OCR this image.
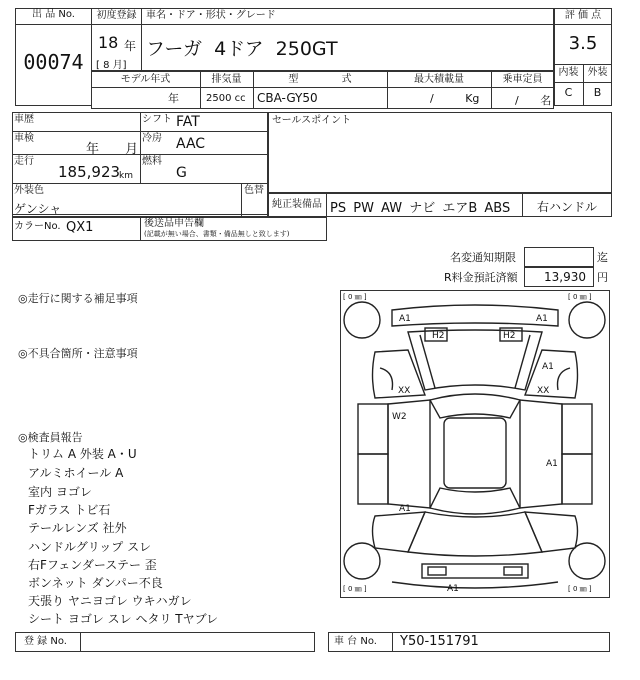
出 品 No.
00074
初度登録 車名・ドア・形状・グレード
18 年
[ 8 月]
フーガ 4ドア 250GT
評 価 点
3.5
内装 外装
C	B
モデル年式	排気量	型 式	最大積載量	乗車定員
年	2500 cc CBA-GY50	/ Kg	/ 名
車歴	シフト FAT
車検
年 月
冷房 AAC
走行
185,923
km
燃料
G
セールスポイント
外装色
ゲンシャ
色替
純正装備品 PS PW AW ナビ エアB ABS	右ハンドル
カラーNo. QX1	後送品申告欄
(記載が無い場合、書類・備品無しと致します)
名変通知期限	迄
R料金預託済額 13,930 円
◎走行に関する補足事項
◎不具合箇所・注意事項
◎検査員報告
トリム A 外装 A・U
アルミホイール A
室内 ヨゴレ
Fガラス トビ石
テールレンズ 社外
ハンドルグリップ スレ
右Fフェンダーステー 歪
ボンネット ダンパー不良
天張り ヤニヨゴレ ウキハガレ
シート ヨゴレ スレ ヘタリ Tヤブレ
[ 0 ㎜ ]	[ 0 ㎜ ]
[ 0 ㎜ ]	[ 0 ㎜ ]
A1	A1
H2	H2
A1
XX	XX
W2
A1
A1
A1
登 録 No.	車 台 No. Y50-151791
